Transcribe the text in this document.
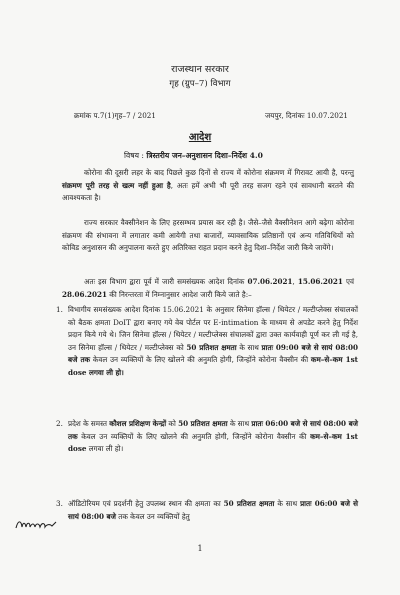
राजस्थान सरकार
गृह (ग्रुप–7) विभाग
क्रमांक प.7(1)गृह–7 / 2021	जयपुर, दिनांकः 10.07.2021
आदेश
विषय : त्रिस्तरीय जन–अनुशासन दिशा–निर्देश 4.0
कोरोना की दूसरी लहर के बाद पिछले कुछ दिनों से राज्य में कोरोना संक्रमण में गिरावट आयी है, परन्तु संक्रमण पूरी तरह से खत्म नहीं हुआ है, अतः हमें अभी भी पूरी तरह सजग रहने एवं सावधानी बरतने की आवश्यकता है।
राज्य सरकार वैक्सीनेशन के लिए हरसम्भव प्रयास कर रही है। जैसे–जैसे वैक्सीनेशन आगे बढ़ेगा कोरोना संक्रमण की संभावना में लगातार कमी आयेगी तथा बाजारों, व्यावसायिक प्रतिष्ठानों एवं अन्य गतिविधियों को कोविड अनुशासन की अनुपालना करते हुए अतिरिक्त राहत प्रदान करने हेतु दिशा–निर्देश जारी किये जायेंगे।
अतः इस विभाग द्वारा पूर्व में जारी समसंख्यक आदेश दिनांक 07.06.2021, 15.06.2021 एवं 28.06.2021 की निरन्तरता में निम्नानुसार आदेश जारी किये जाते है:–
1. विभागीय समसंख्यक आदेश दिनांक 15.06.2021 के अनुसार सिनेमा हॉल्स / थियेटर / मल्टीप्लेक्स संचालकों को बैठक क्षमता DoIT द्वारा बनाए गये वेब पोर्टल पर E-intimation के माध्यम से अपडेट करने हेतु निर्देश प्रदान किये गये थे। जिन सिनेमा हॉल्स / थियेटर / मल्टीप्लेक्स संचालकों द्वारा उक्त कार्यवाही पूर्ण कर ली गई है, उन सिनेमा हॉल्स / थियेटर / मल्टीप्लेक्स को 50 प्रतिशत क्षमता के साथ प्रातः 09:00 बजे से सायं 08:00 बजे तक केवल उन व्यक्तियों के लिए खोलने की अनुमति होगी, जिन्होंने कोरोना वैक्सीन की कम–से–कम 1st dose लगवा ली हो।
2. प्रदेश के समस्त कौशल प्रशिक्षण केन्द्रों को 50 प्रतिशत क्षमता के साथ प्रातः 06:00 बजे से सायं 08:00 बजे तक केवल उन व्यक्तियों के लिए खोलने की अनुमति होगी, जिन्होंने कोरोना वैक्सीन की कम–से–कम 1st dose लगवा ली हो।
3. ऑडिटोरियम एवं प्रदर्शनी हेतु उपलब्ध स्थान की क्षमता का 50 प्रतिशत क्षमता के साथ प्रातः 06:00 बजे से सायं 08:00 बजे तक केवल उन व्यक्तियों हेतु
1
